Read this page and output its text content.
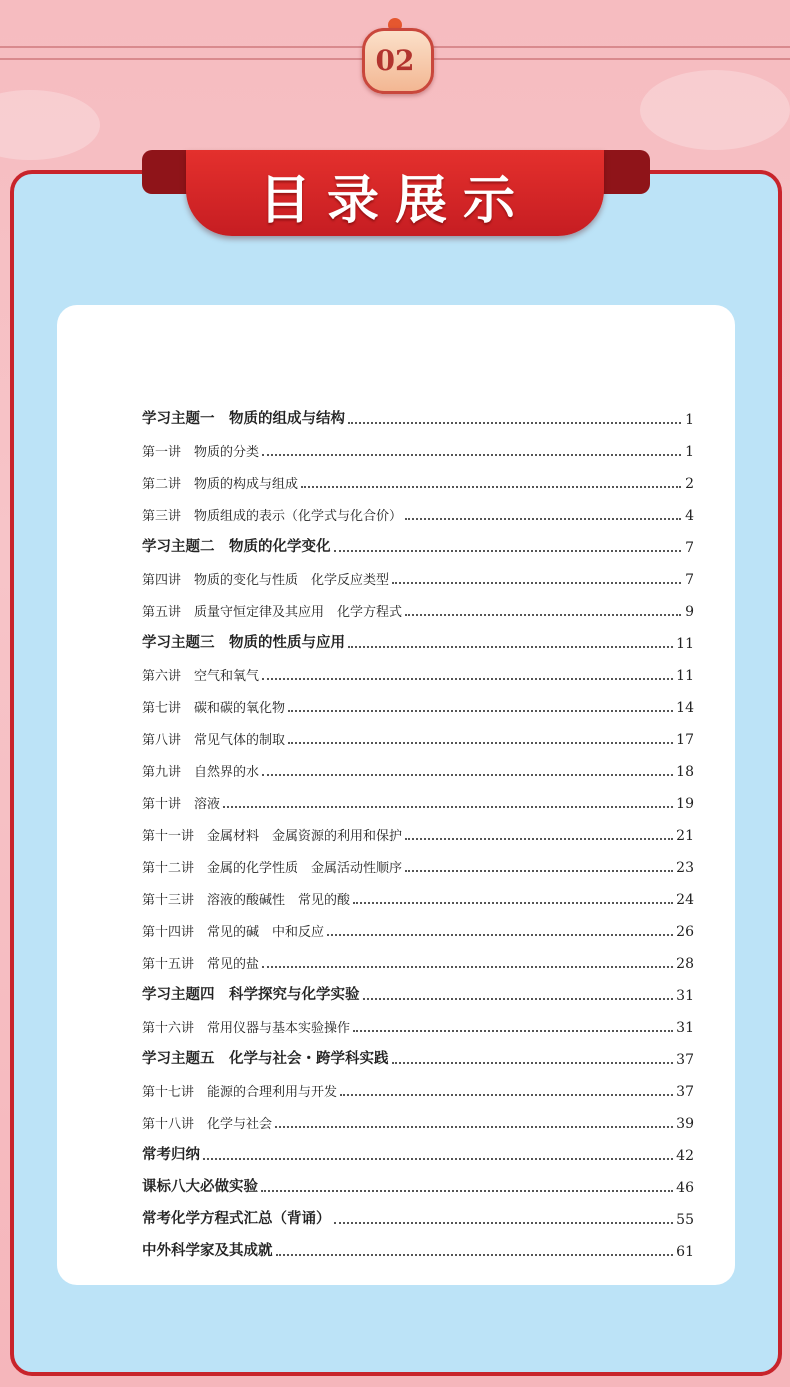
02
目录展示
学习主题一　物质的组成与结构	1
第一讲　物质的分类	1
第二讲　物质的构成与组成	2
第三讲　物质组成的表示（化学式与化合价）	4
学习主题二　物质的化学变化	7
第四讲　物质的变化与性质　化学反应类型	7
第五讲　质量守恒定律及其应用　化学方程式	9
学习主题三　物质的性质与应用	11
第六讲　空气和氧气	11
第七讲　碳和碳的氧化物	14
第八讲　常见气体的制取	17
第九讲　自然界的水	18
第十讲　溶液	19
第十一讲　金属材料　金属资源的利用和保护	21
第十二讲　金属的化学性质　金属活动性顺序	23
第十三讲　溶液的酸碱性　常见的酸	24
第十四讲　常见的碱　中和反应	26
第十五讲　常见的盐	28
学习主题四　科学探究与化学实验	31
第十六讲　常用仪器与基本实验操作	31
学习主题五　化学与社会・跨学科实践	37
第十七讲　能源的合理利用与开发	37
第十八讲　化学与社会	39
常考归纳	42
课标八大必做实验	46
常考化学方程式汇总（背诵）	55
中外科学家及其成就	61
